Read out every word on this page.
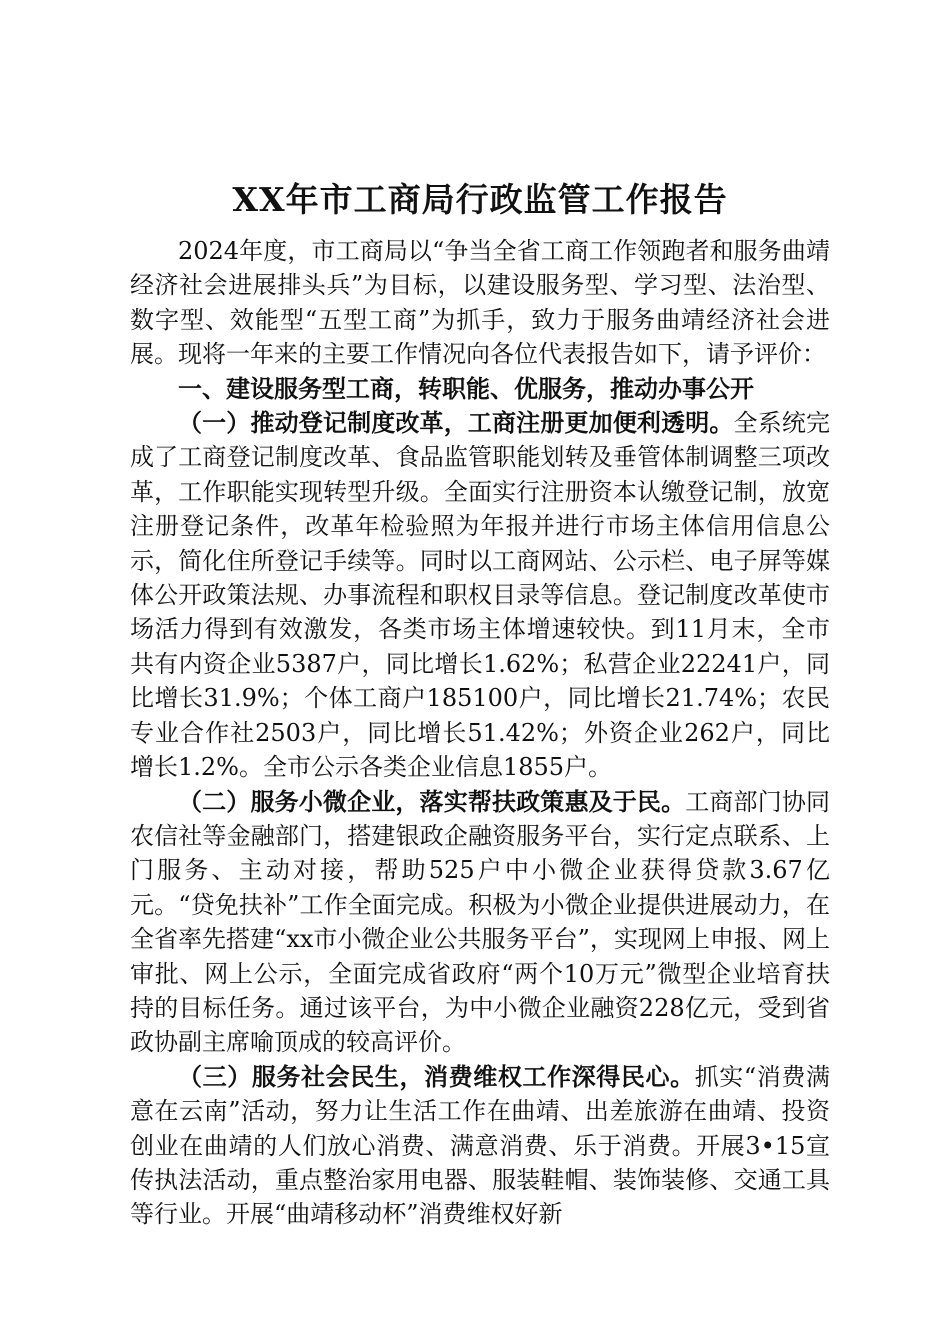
XX年市工商局行政监管工作报告

2024年度，市工商局以“争当全省工商工作领跑者和服务曲靖经济社会进展排头兵”为目标，以建设服务型、学习型、法治型、数字型、效能型“五型工商”为抓手，致力于服务曲靖经济社会进展。现将一年来的主要工作情况向各位代表报告如下，请予评价：

一、建设服务型工商，转职能、优服务，推动办事公开

（一）推动登记制度改革，工商注册更加便利透明。全系统完成了工商登记制度改革、食品监管职能划转及垂管体制调整三项改革，工作职能实现转型升级。全面实行注册资本认缴登记制，放宽注册登记条件，改革年检验照为年报并进行市场主体信用信息公示，简化住所登记手续等。同时以工商网站、公示栏、电子屏等媒体公开政策法规、办事流程和职权目录等信息。登记制度改革使市场活力得到有效激发，各类市场主体增速较快。到11月末，全市共有内资企业5387户，同比增长1.62%；私营企业22241户，同比增长31.9%；个体工商户185100户，同比增长21.74%；农民专业合作社2503户，同比增长51.42%；外资企业262户，同比增长1.2%。全市公示各类企业信息1855户。

（二）服务小微企业，落实帮扶政策惠及于民。工商部门协同农信社等金融部门，搭建银政企融资服务平台，实行定点联系、上门服务、主动对接，帮助525户中小微企业获得贷款3.67亿元。“贷免扶补”工作全面完成。积极为小微企业提供进展动力，在全省率先搭建“xx市小微企业公共服务平台”，实现网上申报、网上审批、网上公示，全面完成省政府“两个10万元”微型企业培育扶持的目标任务。通过该平台，为中小微企业融资228亿元，受到省政协副主席喻顶成的较高评价。

（三）服务社会民生，消费维权工作深得民心。抓实“消费满意在云南”活动，努力让生活工作在曲靖、出差旅游在曲靖、投资创业在曲靖的人们放心消费、满意消费、乐于消费。开展3•15宣传执法活动，重点整治家用电器、服装鞋帽、装饰装修、交通工具等行业。开展“曲靖移动杯”消费维权好新
